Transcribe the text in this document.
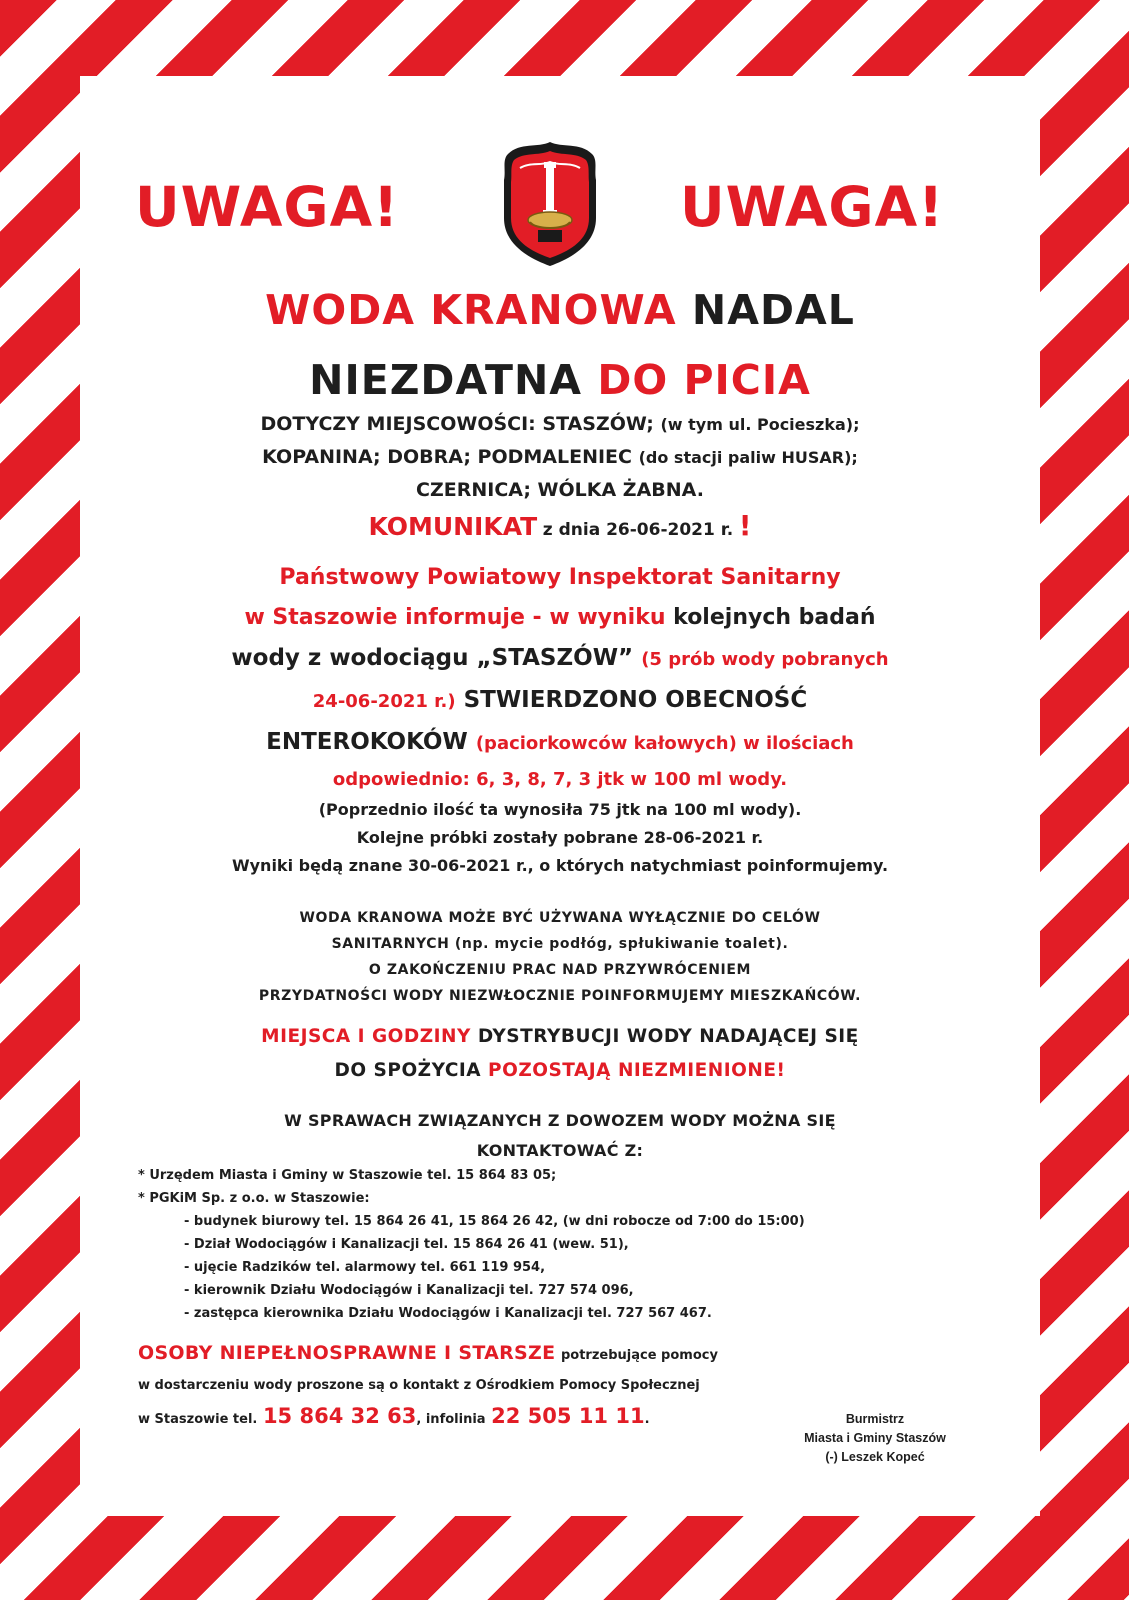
UWAGA!	UWAGA!
WODA KRANOWA NADAL
NIEZDATNA DO PICIA
DOTYCZY MIEJSCOWOŚCI: STASZÓW; (w tym ul. Pocieszka);
KOPANINA; DOBRA; PODMALENIEC (do stacji paliw HUSAR);
CZERNICA; WÓLKA ŻABNA.
KOMUNIKAT z dnia 26-06-2021 r. !
Państwowy Powiatowy Inspektorat Sanitarny
w Staszowie informuje - w wyniku kolejnych badań
wody z wodociągu „STASZÓW” (5 prób wody pobranych
24-06-2021 r.) STWIERDZONO OBECNOŚĆ
ENTEROKOKÓW (paciorkowców kałowych) w ilościach
odpowiednio: 6, 3, 8, 7, 3 jtk w 100 ml wody.
(Poprzednio ilość ta wynosiła 75 jtk na 100 ml wody).
Kolejne próbki zostały pobrane 28-06-2021 r.
Wyniki będą znane 30-06-2021 r., o których natychmiast poinformujemy.
WODA KRANOWA MOŻE BYĆ UŻYWANA WYŁĄCZNIE DO CELÓW
SANITARNYCH (np. mycie podłóg, spłukiwanie toalet).
O ZAKOŃCZENIU PRAC NAD PRZYWRÓCENIEM
PRZYDATNOŚCI WODY NIEZWŁOCZNIE POINFORMUJEMY MIESZKAŃCÓW.
MIEJSCA I GODZINY DYSTRYBUCJI WODY NADAJĄCEJ SIĘ
DO SPOŻYCIA POZOSTAJĄ NIEZMIENIONE!
W SPRAWACH ZWIĄZANYCH Z DOWOZEM WODY MOŻNA SIĘ
KONTAKTOWAĆ Z:
* Urzędem Miasta i Gminy w Staszowie tel. 15 864 83 05;
* PGKiM Sp. z o.o. w Staszowie:
- budynek biurowy tel. 15 864 26 41, 15 864 26 42, (w dni robocze od 7:00 do 15:00)
- Dział Wodociągów i Kanalizacji tel. 15 864 26 41 (wew. 51),
- ujęcie Radzików tel. alarmowy tel. 661 119 954,
- kierownik Działu Wodociągów i Kanalizacji tel. 727 574 096,
- zastępca kierownika Działu Wodociągów i Kanalizacji tel. 727 567 467.
OSOBY NIEPEŁNOSPRAWNE I STARSZE potrzebujące pomocy
w dostarczeniu wody proszone są o kontakt z Ośrodkiem Pomocy Społecznej
w Staszowie tel. 15 864 32 63, infolinia 22 505 11 11.	Burmistrz
Miasta i Gminy Staszów
(-) Leszek Kopeć
